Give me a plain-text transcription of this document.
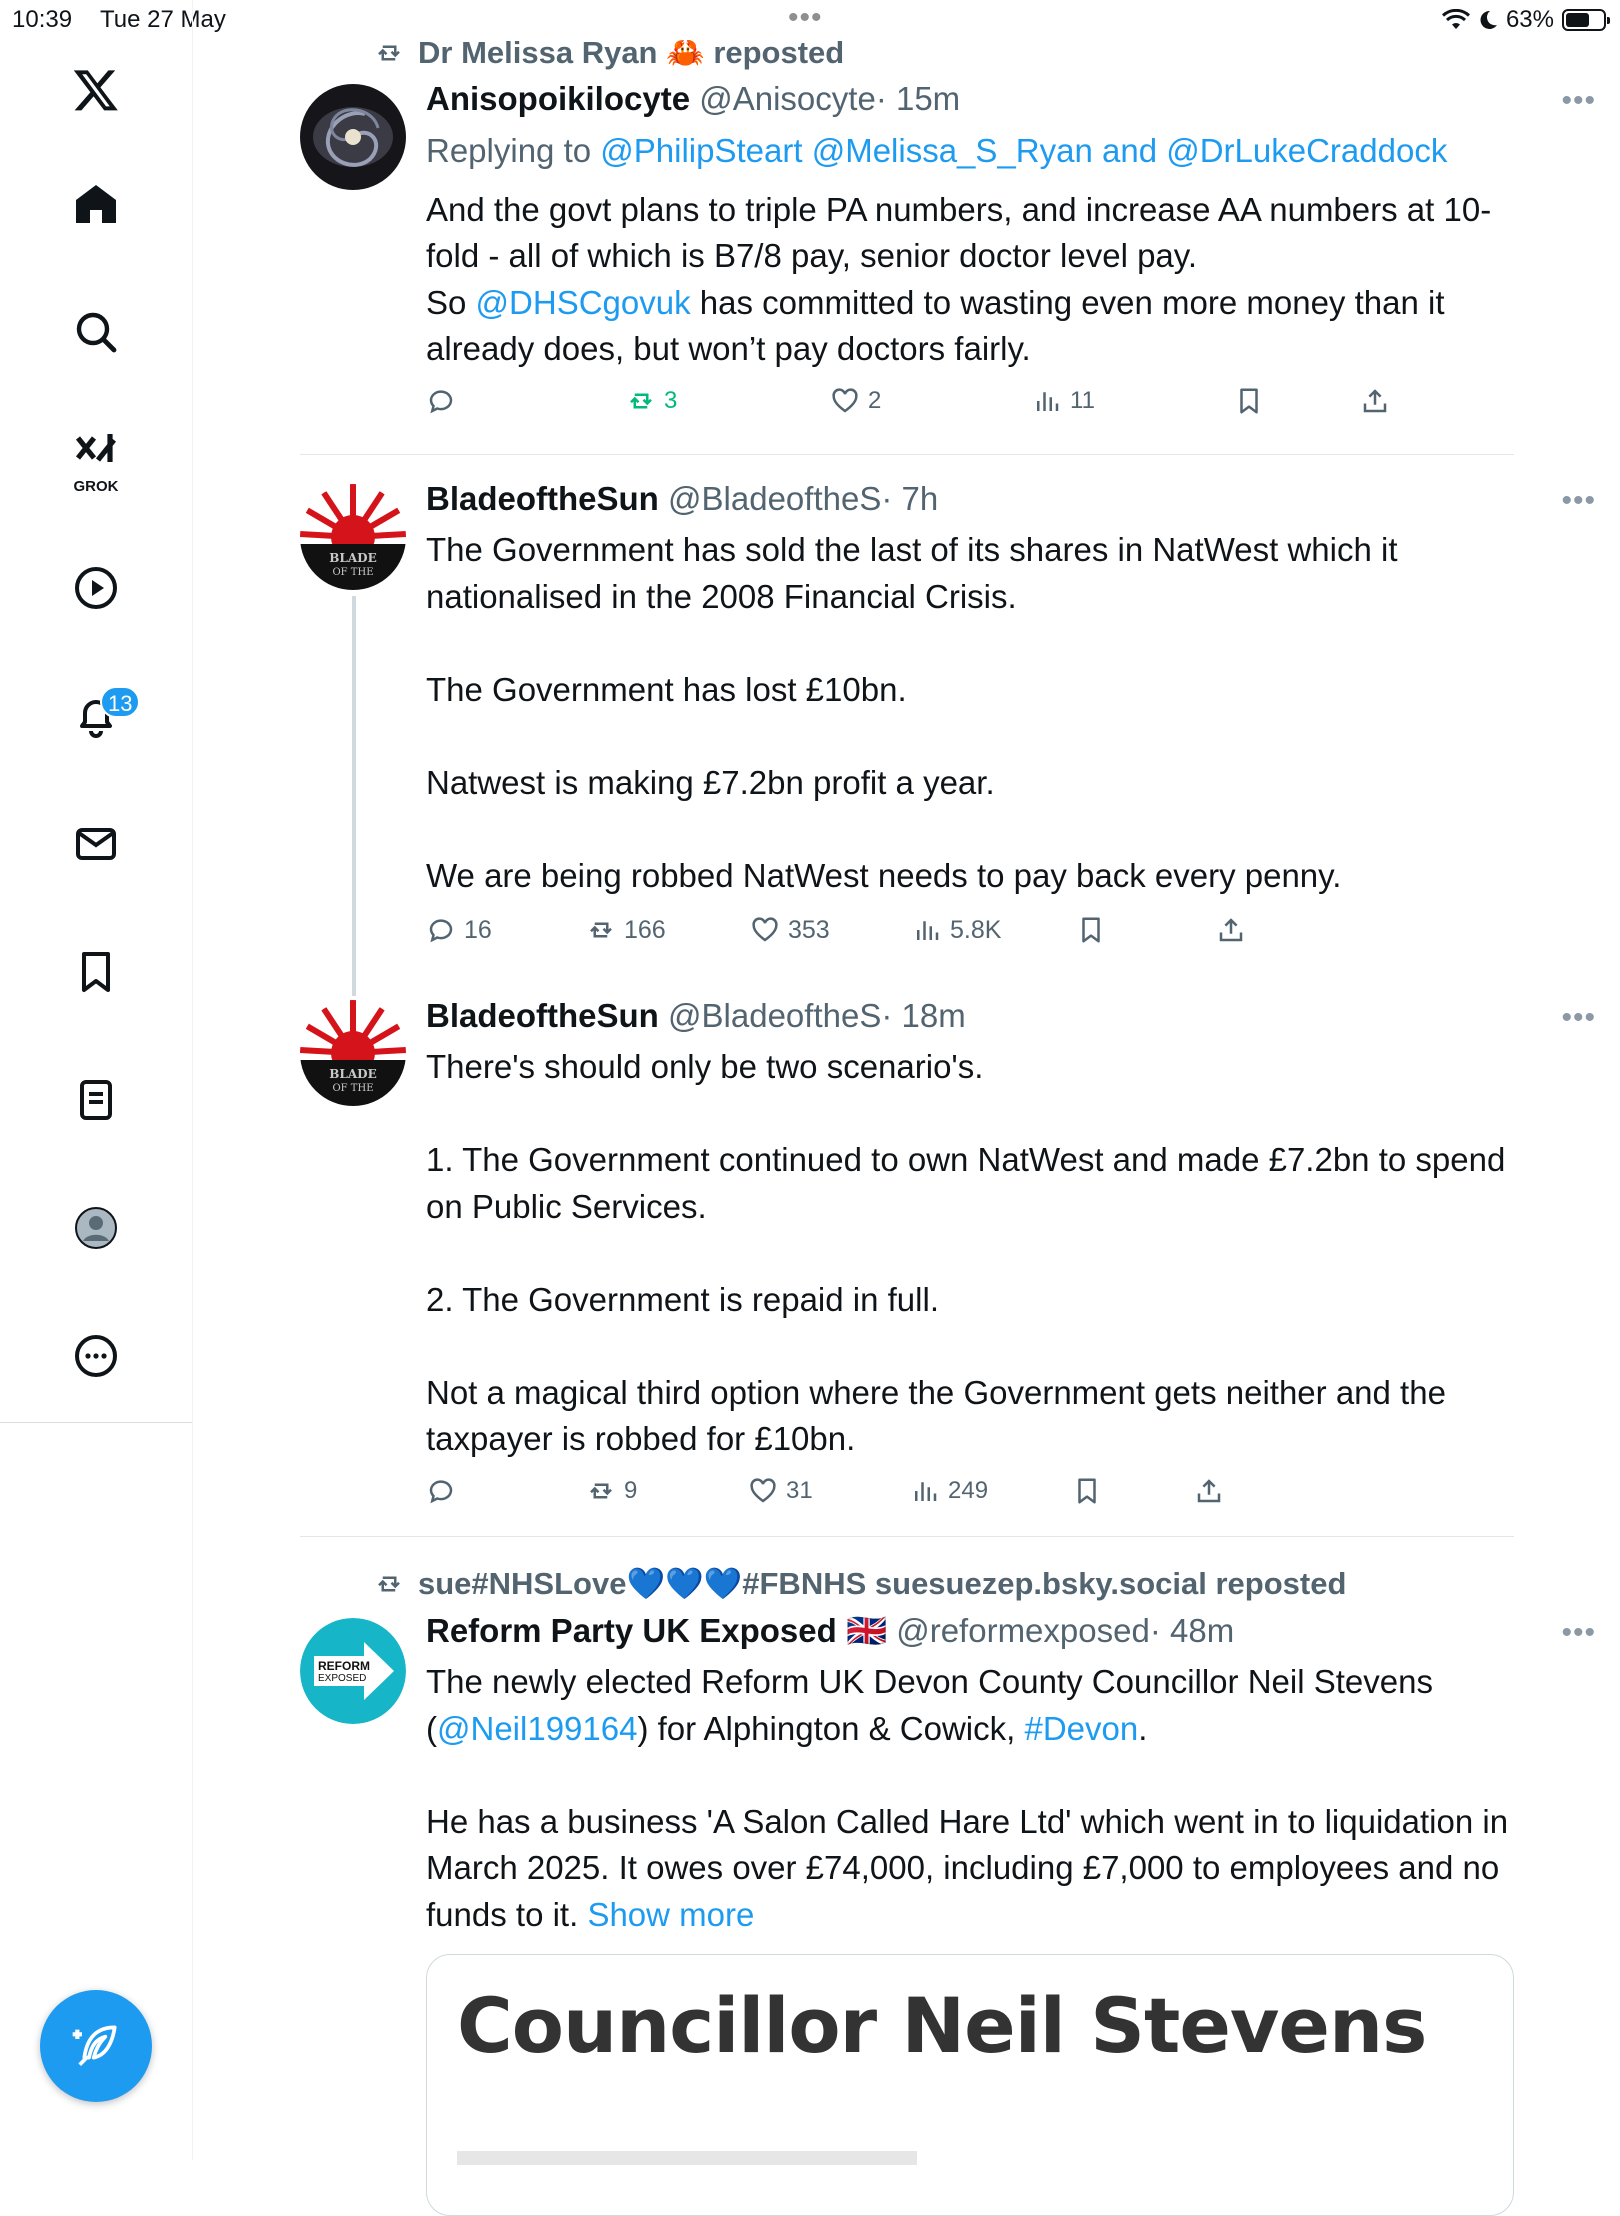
10:39 Tue 27 May	•••	63%
GROK
13
Dr Melissa Ryan 🦀 reposted
Anisopoikilocyte @Anisocyte· 15m	•••

Replying to @PhilipSteart @Melissa_S_Ryan and @DrLukeCraddock

And the govt plans to triple PA numbers, and increase AA numbers at 10-fold - all of which is B7/8 pay, senior doctor level pay.

So @DHSCgovuk has committed to wasting even more money than it already does, but won’t pay doctors fairly.

3	2	11
BLADE
OF THE
BladeoftheSun @BladeoftheS· 7h	•••

The Government has sold the last of its shares in NatWest which it nationalised in the 2008 Financial Crisis.

The Government has lost £10bn.

Natwest is making £7.2bn profit a year.

We are being robbed NatWest needs to pay back every penny.

16	166	353	5.8K
BLADE
OF THE
BladeoftheSun @BladeoftheS· 18m	•••

There's should only be two scenario's.

1. The Government continued to own NatWest and made £7.2bn to spend on Public Services.

2. The Government is repaid in full.

Not a magical third option where the Government gets neither and the taxpayer is robbed for £10bn.

9	31	249
sue#NHSLove💙💙💙#FBNHS suesuezep.bsky.social reposted
REFORM
EXPOSED
Reform Party UK Exposed 🇬🇧 @reformexposed· 48m	•••

The newly elected Reform UK Devon County Councillor Neil Stevens (@Neil199164) for Alphington & Cowick, #Devon.

He has a business 'A Salon Called Hare Ltd' which went in to liquidation in March 2025. It owes over £74,000, including £7,000 to employees and no funds to it. Show more

Councillor Neil Stevens
